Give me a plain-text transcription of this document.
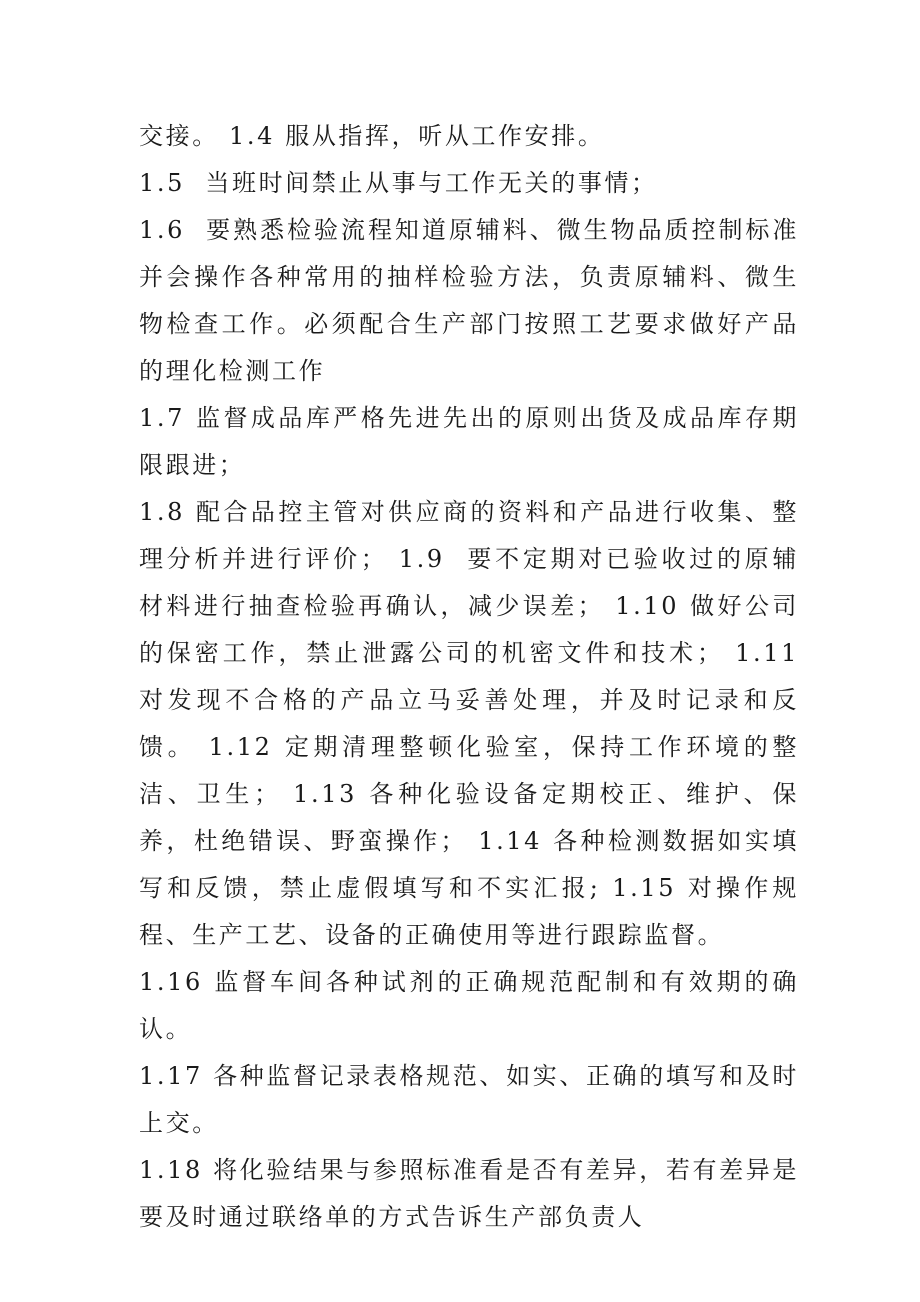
交接。 1.4 服从指挥，听从工作安排。

1.5  当班时间禁止从事与工作无关的事情；

1.6  要熟悉检验流程知道原辅料、微生物品质控制标准并会操作各种常用的抽样检验方法，负责原辅料、微生物检查工作。必须配合生产部门按照工艺要求做好产品的理化检测工作

1.7 监督成品库严格先进先出的原则出货及成品库存期限跟进；

1.8 配合品控主管对供应商的资料和产品进行收集、整理分析并进行评价； 1.9  要不定期对已验收过的原辅材料进行抽查检验再确认，减少误差； 1.10 做好公司的保密工作，禁止泄露公司的机密文件和技术； 1.11 对发现不合格的产品立马妥善处理，并及时记录和反馈。 1.12 定期清理整顿化验室，保持工作环境的整洁、卫生； 1.13 各种化验设备定期校正、维护、保养，杜绝错误、野蛮操作； 1.14 各种检测数据如实填写和反馈，禁止虚假填写和不实汇报; 1.15 对操作规程、生产工艺、设备的正确使用等进行跟踪监督。

1.16 监督车间各种试剂的正确规范配制和有效期的确认。

1.17 各种监督记录表格规范、如实、正确的填写和及时上交。

1.18 将化验结果与参照标准看是否有差异，若有差异是要及时通过联络单的方式告诉生产部负责人
